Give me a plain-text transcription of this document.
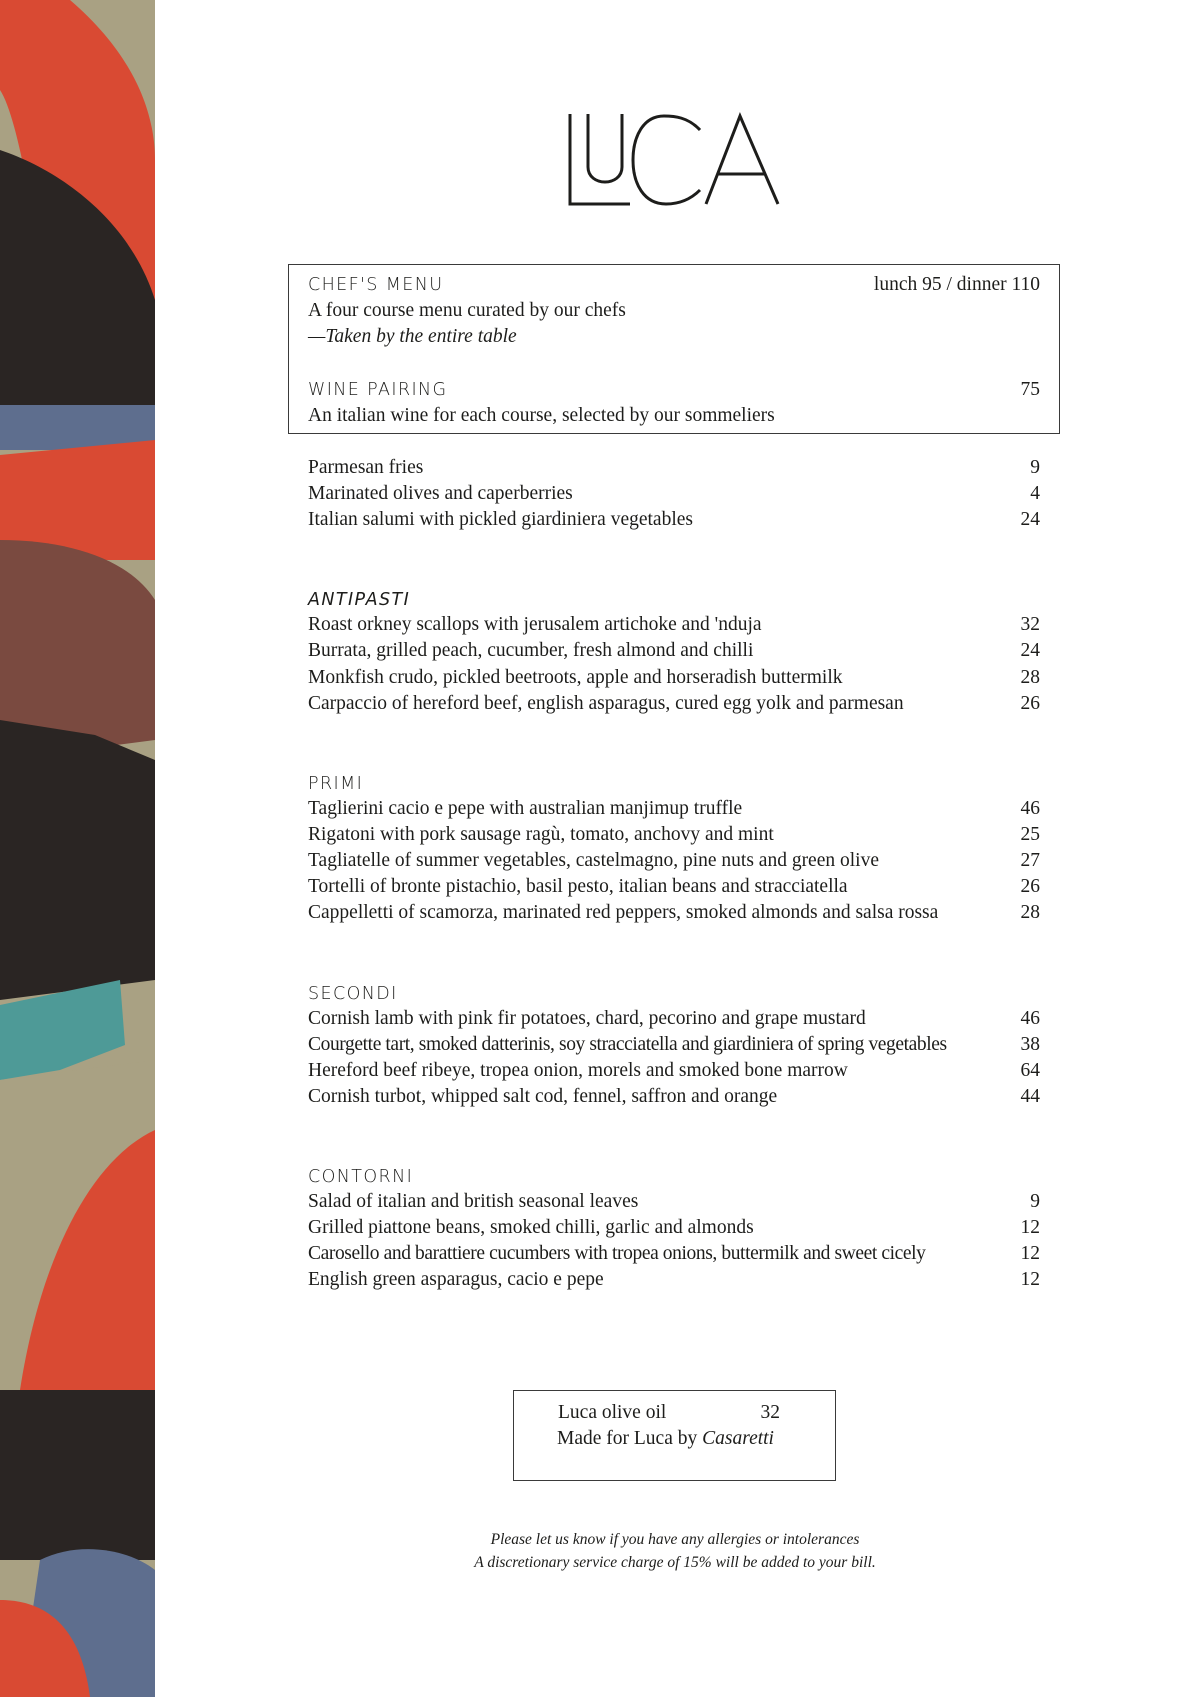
CHEF'S MENU	lunch 95 / dinner 110
A four course menu curated by our chefs
—Taken by the entire table
WINE PAIRING	75
An italian wine for each course, selected by our sommeliers
Parmesan fries	9
Marinated olives and caperberries	4
Italian salumi with pickled giardiniera vegetables	24
ANTIPASTI
Roast orkney scallops with jerusalem artichoke and 'nduja	32
Burrata, grilled peach, cucumber, fresh almond and chilli	24
Monkfish crudo, pickled beetroots, apple and horseradish buttermilk	28
Carpaccio of hereford beef, english asparagus, cured egg yolk and parmesan	26
PRIMI
Taglierini cacio e pepe with australian manjimup truffle	46
Rigatoni with pork sausage ragù, tomato, anchovy and mint	25
Tagliatelle of summer vegetables, castelmagno, pine nuts and green olive	27
Tortelli of bronte pistachio, basil pesto, italian beans and stracciatella	26
Cappelletti of scamorza, marinated red peppers, smoked almonds and salsa rossa	28
SECONDI
Cornish lamb with pink fir potatoes, chard, pecorino and grape mustard	46
Courgette tart, smoked datterinis, soy stracciatella and giardiniera of spring vegetables	38
Hereford beef ribeye, tropea onion, morels and smoked bone marrow	64
Cornish turbot, whipped salt cod, fennel, saffron and orange	44
CONTORNI
Salad of italian and british seasonal leaves	9
Grilled piattone beans, smoked chilli, garlic and almonds	12
Carosello and barattiere cucumbers with tropea onions, buttermilk and sweet cicely	12
English green asparagus, cacio e pepe	12
Luca olive oil	32
Made for Luca by Casaretti
Please let us know if you have any allergies or intolerances
A discretionary service charge of 15% will be added to your bill.
